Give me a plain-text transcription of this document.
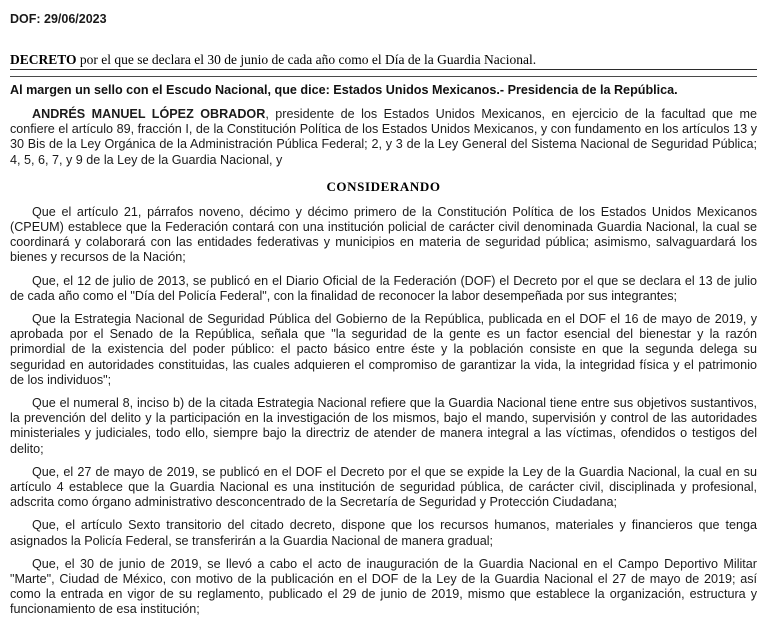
DOF: 29/06/2023
DECRETO por el que se declara el 30 de junio de cada año como el Día de la Guardia Nacional.
Al margen un sello con el Escudo Nacional, que dice: Estados Unidos Mexicanos.- Presidencia de la República.

ANDRÉS MANUEL LÓPEZ OBRADOR, presidente de los Estados Unidos Mexicanos, en ejercicio de la facultad que me confiere el artículo 89, fracción I, de la Constitución Política de los Estados Unidos Mexicanos, y con fundamento en los artículos 13 y 30 Bis de la Ley Orgánica de la Administración Pública Federal; 2, y 3 de la Ley General del Sistema Nacional de Seguridad Pública; 4, 5, 6, 7, y 9 de la Ley de la Guardia Nacional, y

CONSIDERANDO

Que el artículo 21, párrafos noveno, décimo y décimo primero de la Constitución Política de los Estados Unidos Mexicanos (CPEUM) establece que la Federación contará con una institución policial de carácter civil denominada Guardia Nacional, la cual se coordinará y colaborará con las entidades federativas y municipios en materia de seguridad pública; asimismo, salvaguardará los bienes y recursos de la Nación;

Que, el 12 de julio de 2013, se publicó en el Diario Oficial de la Federación (DOF) el Decreto por el que se declara el 13 de julio de cada año como el "Día del Policía Federal", con la finalidad de reconocer la labor desempeñada por sus integrantes;

Que la Estrategia Nacional de Seguridad Pública del Gobierno de la República, publicada en el DOF el 16 de mayo de 2019, y aprobada por el Senado de la República, señala que "la seguridad de la gente es un factor esencial del bienestar y la razón primordial de la existencia del poder público: el pacto básico entre éste y la población consiste en que la segunda delega su seguridad en autoridades constituidas, las cuales adquieren el compromiso de garantizar la vida, la integridad física y el patrimonio de los individuos";

Que el numeral 8, inciso b) de la citada Estrategia Nacional refiere que la Guardia Nacional tiene entre sus objetivos sustantivos, la prevención del delito y la participación en la investigación de los mismos, bajo el mando, supervisión y control de las autoridades ministeriales y judiciales, todo ello, siempre bajo la directriz de atender de manera integral a las víctimas, ofendidos o testigos del delito;

Que, el 27 de mayo de 2019, se publicó en el DOF el Decreto por el que se expide la Ley de la Guardia Nacional, la cual en su artículo 4 establece que la Guardia Nacional es una institución de seguridad pública, de carácter civil, disciplinada y profesional, adscrita como órgano administrativo desconcentrado de la Secretaría de Seguridad y Protección Ciudadana;

Que, el artículo Sexto transitorio del citado decreto, dispone que los recursos humanos, materiales y financieros que tenga asignados la Policía Federal, se transferirán a la Guardia Nacional de manera gradual;

Que, el 30 de junio de 2019, se llevó a cabo el acto de inauguración de la Guardia Nacional en el Campo Deportivo Militar "Marte", Ciudad de México, con motivo de la publicación en el DOF de la Ley de la Guardia Nacional el 27 de mayo de 2019; así como la entrada en vigor de su reglamento, publicado el 29 de junio de 2019, mismo que establece la organización, estructura y funcionamiento de esa institución;
